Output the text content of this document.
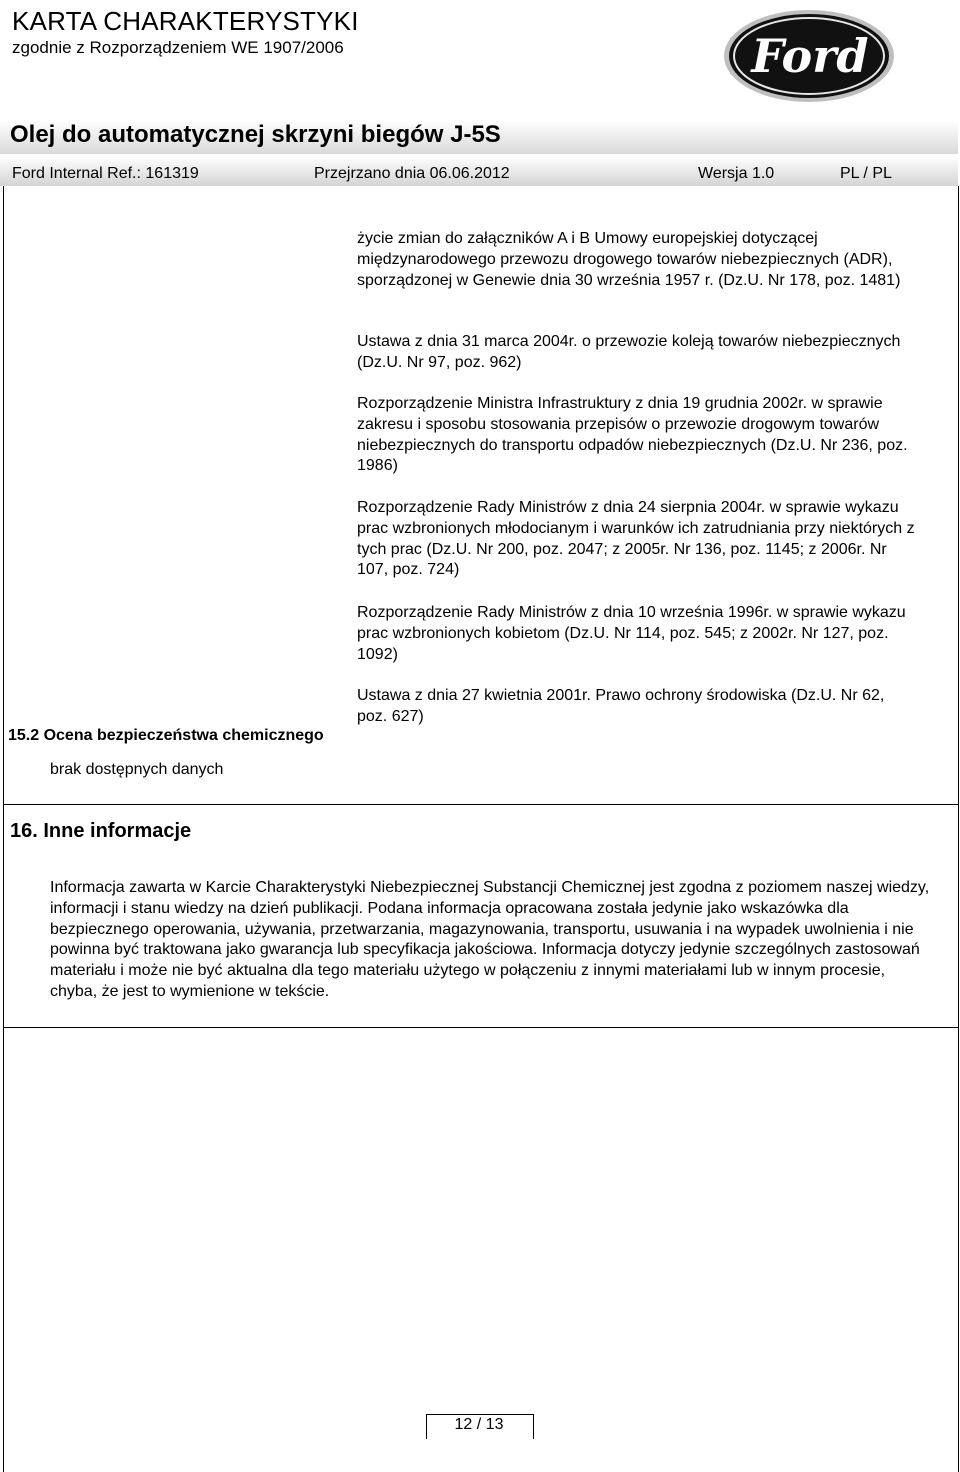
KARTA CHARAKTERYSTYKI
zgodnie z Rozporządzeniem WE 1907/2006	Ford
Olej do automatycznej skrzyni biegów J-5S
Ford Internal Ref.: 161319	Przejrzano dnia 06.06.2012	Wersja 1.0	PL / PL
życie zmian do załączników A i B Umowy europejskiej dotyczącej międzynarodowego przewozu drogowego towarów niebezpiecznych (ADR), sporządzonej w Genewie dnia 30 września 1957 r. (Dz.U. Nr 178, poz. 1481)
Ustawa z dnia 31 marca 2004r. o przewozie koleją towarów niebezpiecznych (Dz.U. Nr 97, poz. 962)
Rozporządzenie Ministra Infrastruktury z dnia 19 grudnia 2002r. w sprawie zakresu i sposobu stosowania przepisów o przewozie drogowym towarów niebezpiecznych do transportu odpadów niebezpiecznych (Dz.U. Nr 236, poz. 1986)
Rozporządzenie Rady Ministrów z dnia 24 sierpnia 2004r. w sprawie wykazu prac wzbronionych młodocianym i warunków ich zatrudniania przy niektórych z tych prac (Dz.U. Nr 200, poz. 2047; z 2005r. Nr 136, poz. 1145; z 2006r. Nr 107, poz. 724)
Rozporządzenie Rady Ministrów z dnia 10 września 1996r. w sprawie wykazu prac wzbronionych kobietom (Dz.U. Nr 114, poz. 545; z 2002r. Nr 127, poz. 1092)
Ustawa z dnia 27 kwietnia 2001r. Prawo ochrony środowiska (Dz.U. Nr 62, poz. 627)
15.2 Ocena bezpieczeństwa chemicznego
brak dostępnych danych
16. Inne informacje
Informacja zawarta w Karcie Charakterystyki Niebezpiecznej Substancji Chemicznej jest zgodna z poziomem naszej wiedzy, informacji i stanu wiedzy na dzień publikacji. Podana informacja opracowana została jedynie jako wskazówka dla bezpiecznego operowania, używania, przetwarzania, magazynowania, transportu, usuwania i na wypadek uwolnienia i nie powinna być traktowana jako gwarancja lub specyfikacja jakościowa. Informacja dotyczy jedynie szczególnych zastosowań materiału i może nie być aktualna dla tego materiału użytego w połączeniu z innymi materiałami lub w innym procesie, chyba, że jest to wymienione w tekście.
12 / 13
